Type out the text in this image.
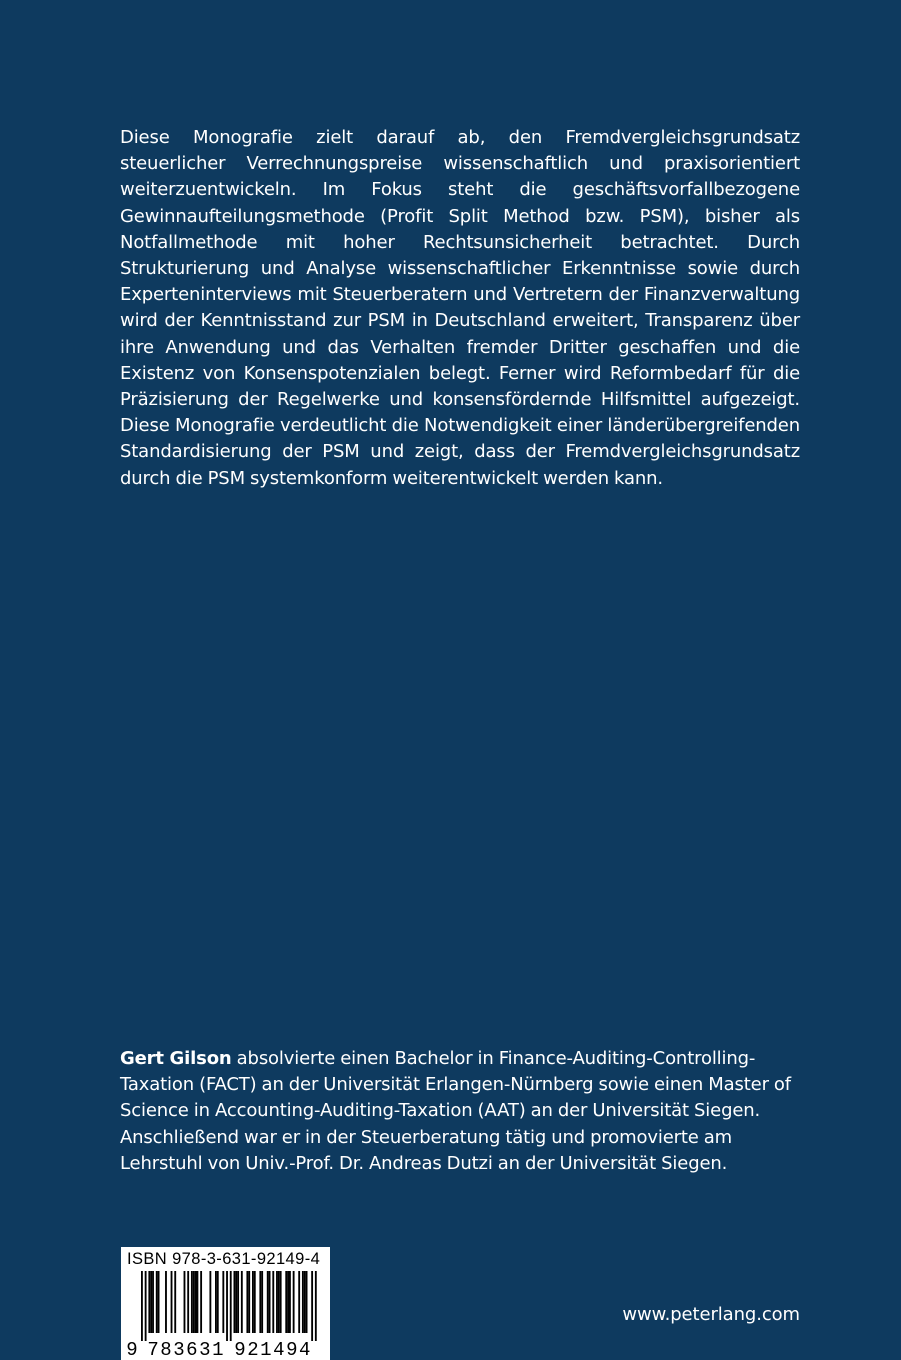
Diese Monografie zielt darauf ab, den Fremdvergleichsgrundsatz steuerlicher Verrechnungspreise wissenschaftlich und praxisorientiert weiterzuentwickeln. Im Fokus steht die geschäftsvorfallbezogene Gewinnaufteilungsmethode (Profit Split Method bzw. PSM), bisher als Notfallmethode mit hoher Rechtsunsicherheit betrachtet. Durch Strukturierung und Analyse wissenschaftlicher Erkenntnisse sowie durch Experteninterviews mit Steuerberatern und Vertretern der Finanzverwaltung wird der Kenntnisstand zur PSM in Deutschland erweitert, Transparenz über ihre Anwendung und das Verhalten fremder Dritter geschaffen und die Existenz von Konsenspotenzialen belegt. Ferner wird Reformbedarf für die Präzisierung der Regelwerke und konsensfördernde Hilfsmittel aufgezeigt. Diese Monografie verdeutlicht die Notwendigkeit einer länderübergreifenden Standardisierung der PSM und zeigt, dass der Fremdvergleichsgrundsatz durch die PSM systemkonform weiterentwickelt werden kann.

Gert Gilson absolvierte einen Bachelor in Finance-Auditing-Controlling-Taxation (FACT) an der Universität Erlangen-Nürnberg sowie einen Master of Science in Accounting-Auditing-Taxation (AAT) an der Universität Siegen.

Anschließend war er in der Steuerberatung tätig und promovierte am Lehrstuhl von Univ.-Prof. Dr. Andreas Dutzi an der Universität Siegen.

ISBN 978-3-631-92149-4
9 7 8 3 6 3 1 9 2 1 4 9 4
www.peterlang.com
